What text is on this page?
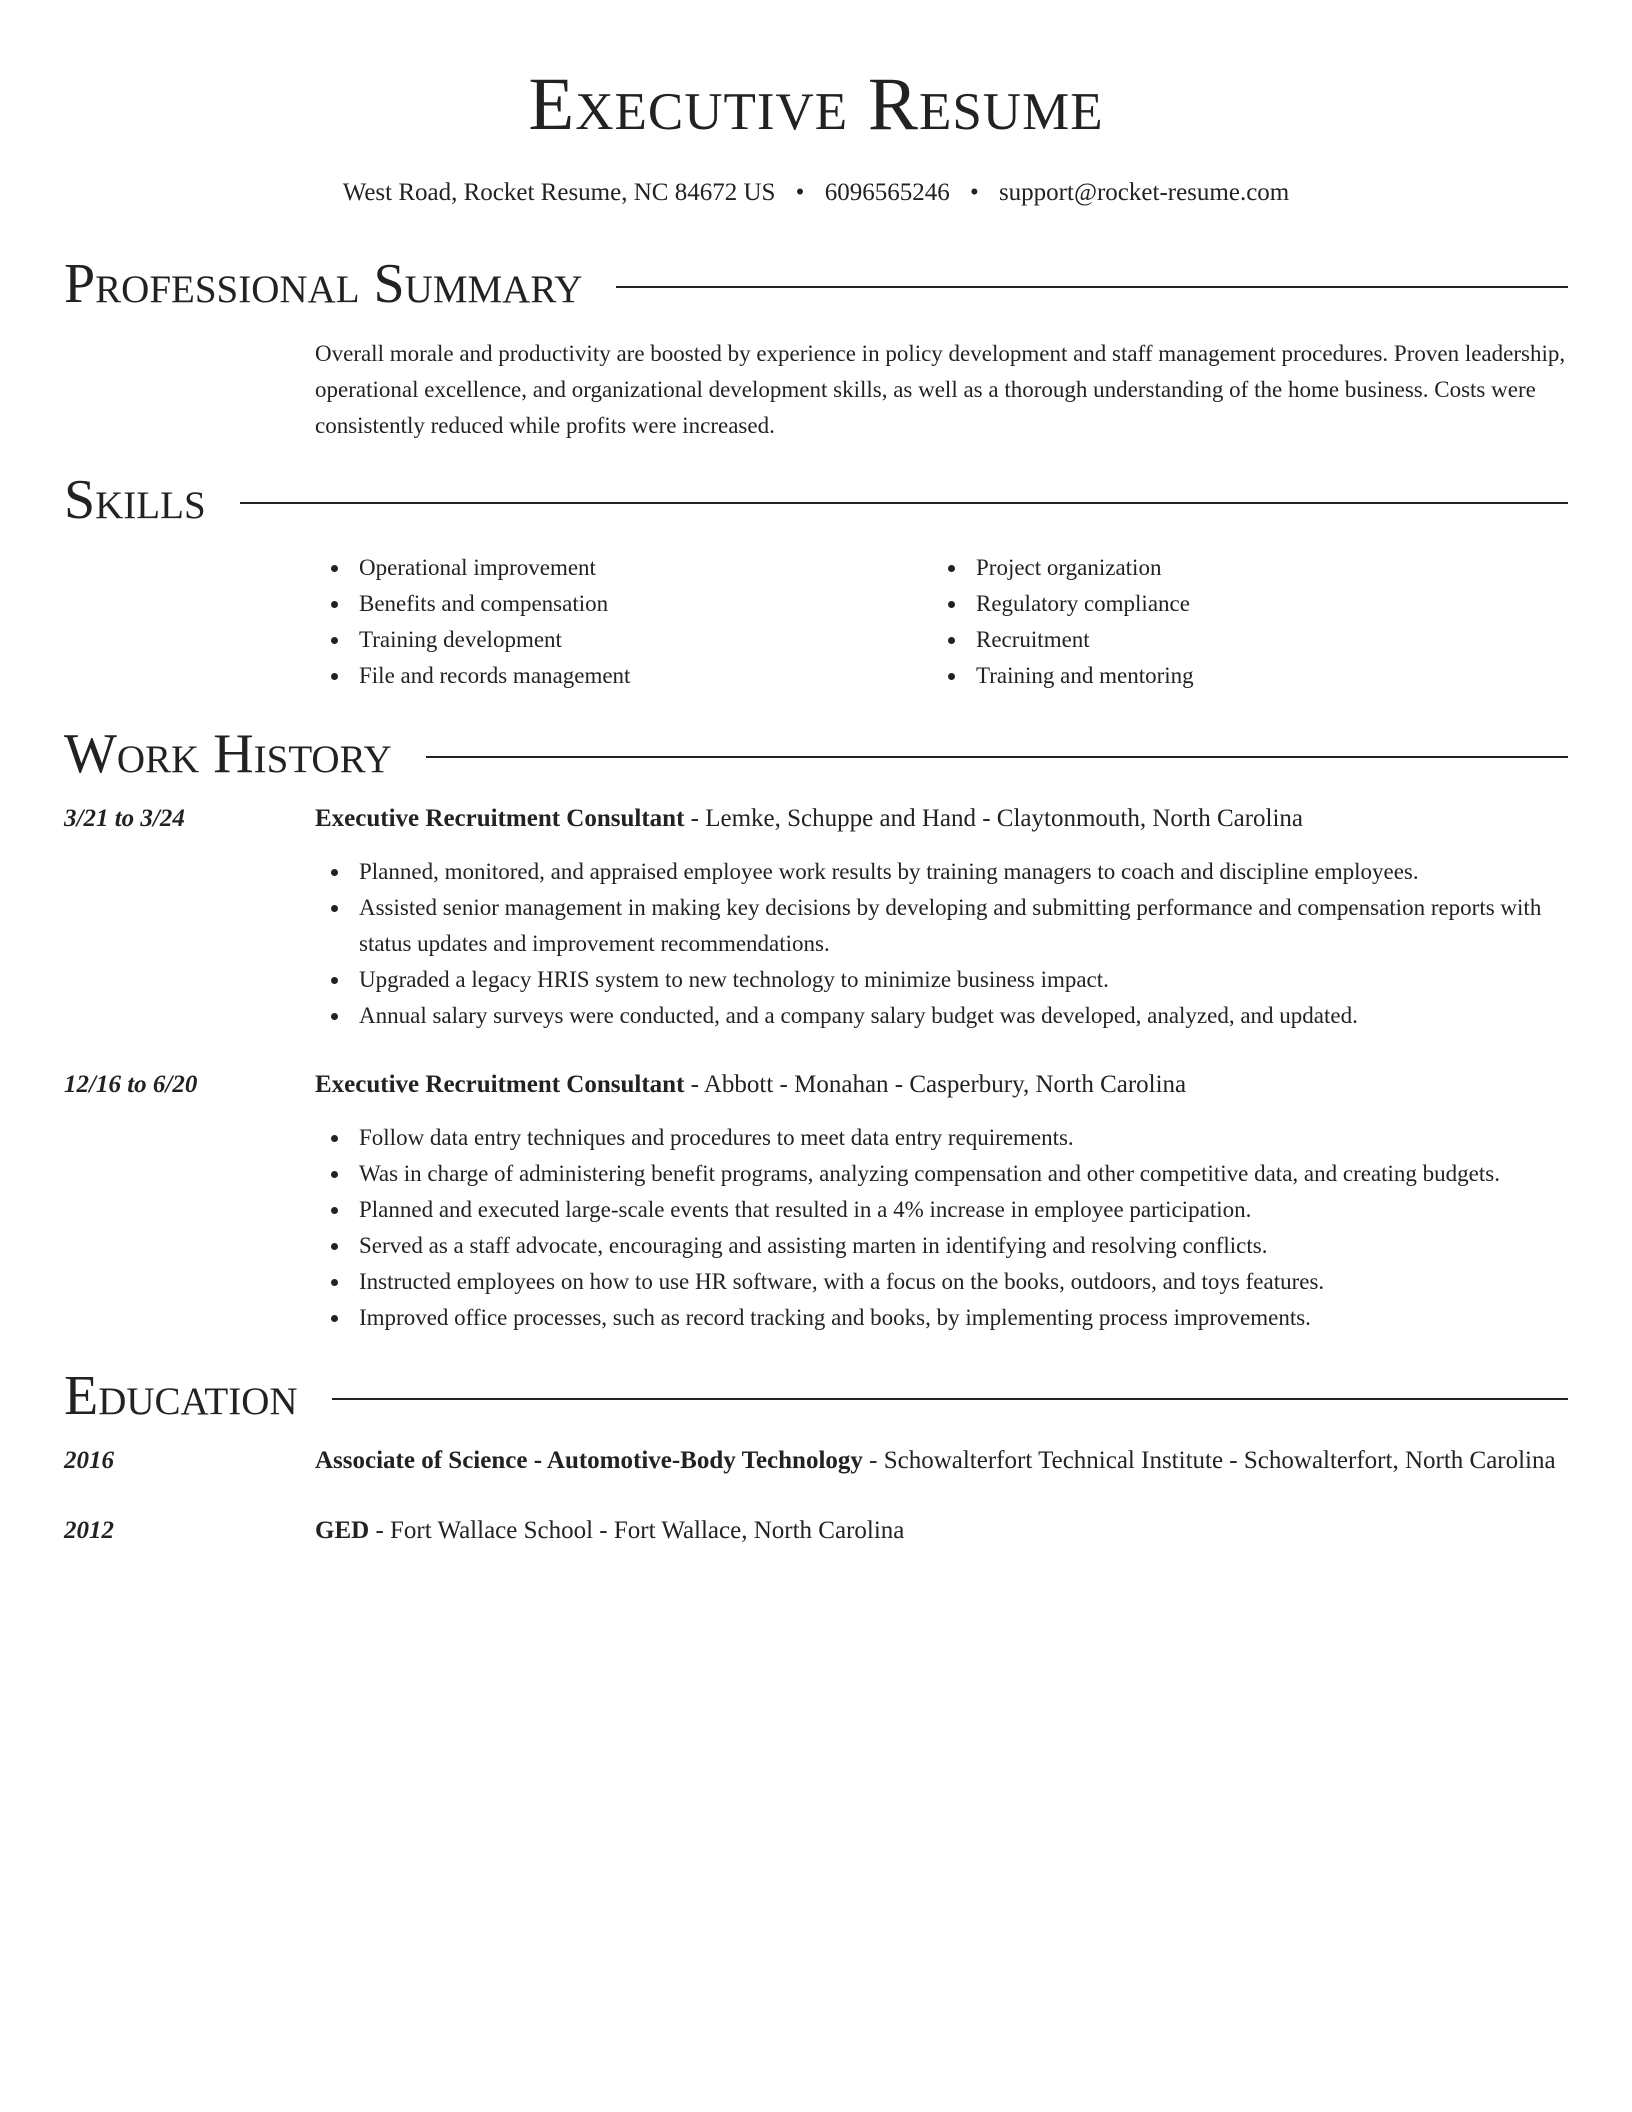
Executive Resume
West Road, Rocket Resume, NC 84672 US • 6096565246 • support@rocket-resume.com
Professional Summary
Overall morale and productivity are boosted by experience in policy development and staff management procedures. Proven leadership, operational excellence, and organizational development skills, as well as a thorough understanding of the home business. Costs were consistently reduced while profits were increased.
Skills
Operational improvement
Benefits and compensation
Training development
File and records management
Project organization
Regulatory compliance
Recruitment
Training and mentoring
Work History
3/21 to 3/24	Executive Recruitment Consultant - Lemke, Schuppe and Hand - Claytonmouth, North Carolina
Planned, monitored, and appraised employee work results by training managers to coach and discipline employees.
Assisted senior management in making key decisions by developing and submitting performance and compensation reports with status updates and improvement recommendations.
Upgraded a legacy HRIS system to new technology to minimize business impact.
Annual salary surveys were conducted, and a company salary budget was developed, analyzed, and updated.
12/16 to 6/20	Executive Recruitment Consultant - Abbott - Monahan - Casperbury, North Carolina
Follow data entry techniques and procedures to meet data entry requirements.
Was in charge of administering benefit programs, analyzing compensation and other competitive data, and creating budgets.
Planned and executed large-scale events that resulted in a 4% increase in employee participation.
Served as a staff advocate, encouraging and assisting marten in identifying and resolving conflicts.
Instructed employees on how to use HR software, with a focus on the books, outdoors, and toys features.
Improved office processes, such as record tracking and books, by implementing process improvements.
Education
2016	Associate of Science - Automotive-Body Technology - Schowalterfort Technical Institute - Schowalterfort, North Carolina
2012	GED - Fort Wallace School - Fort Wallace, North Carolina
